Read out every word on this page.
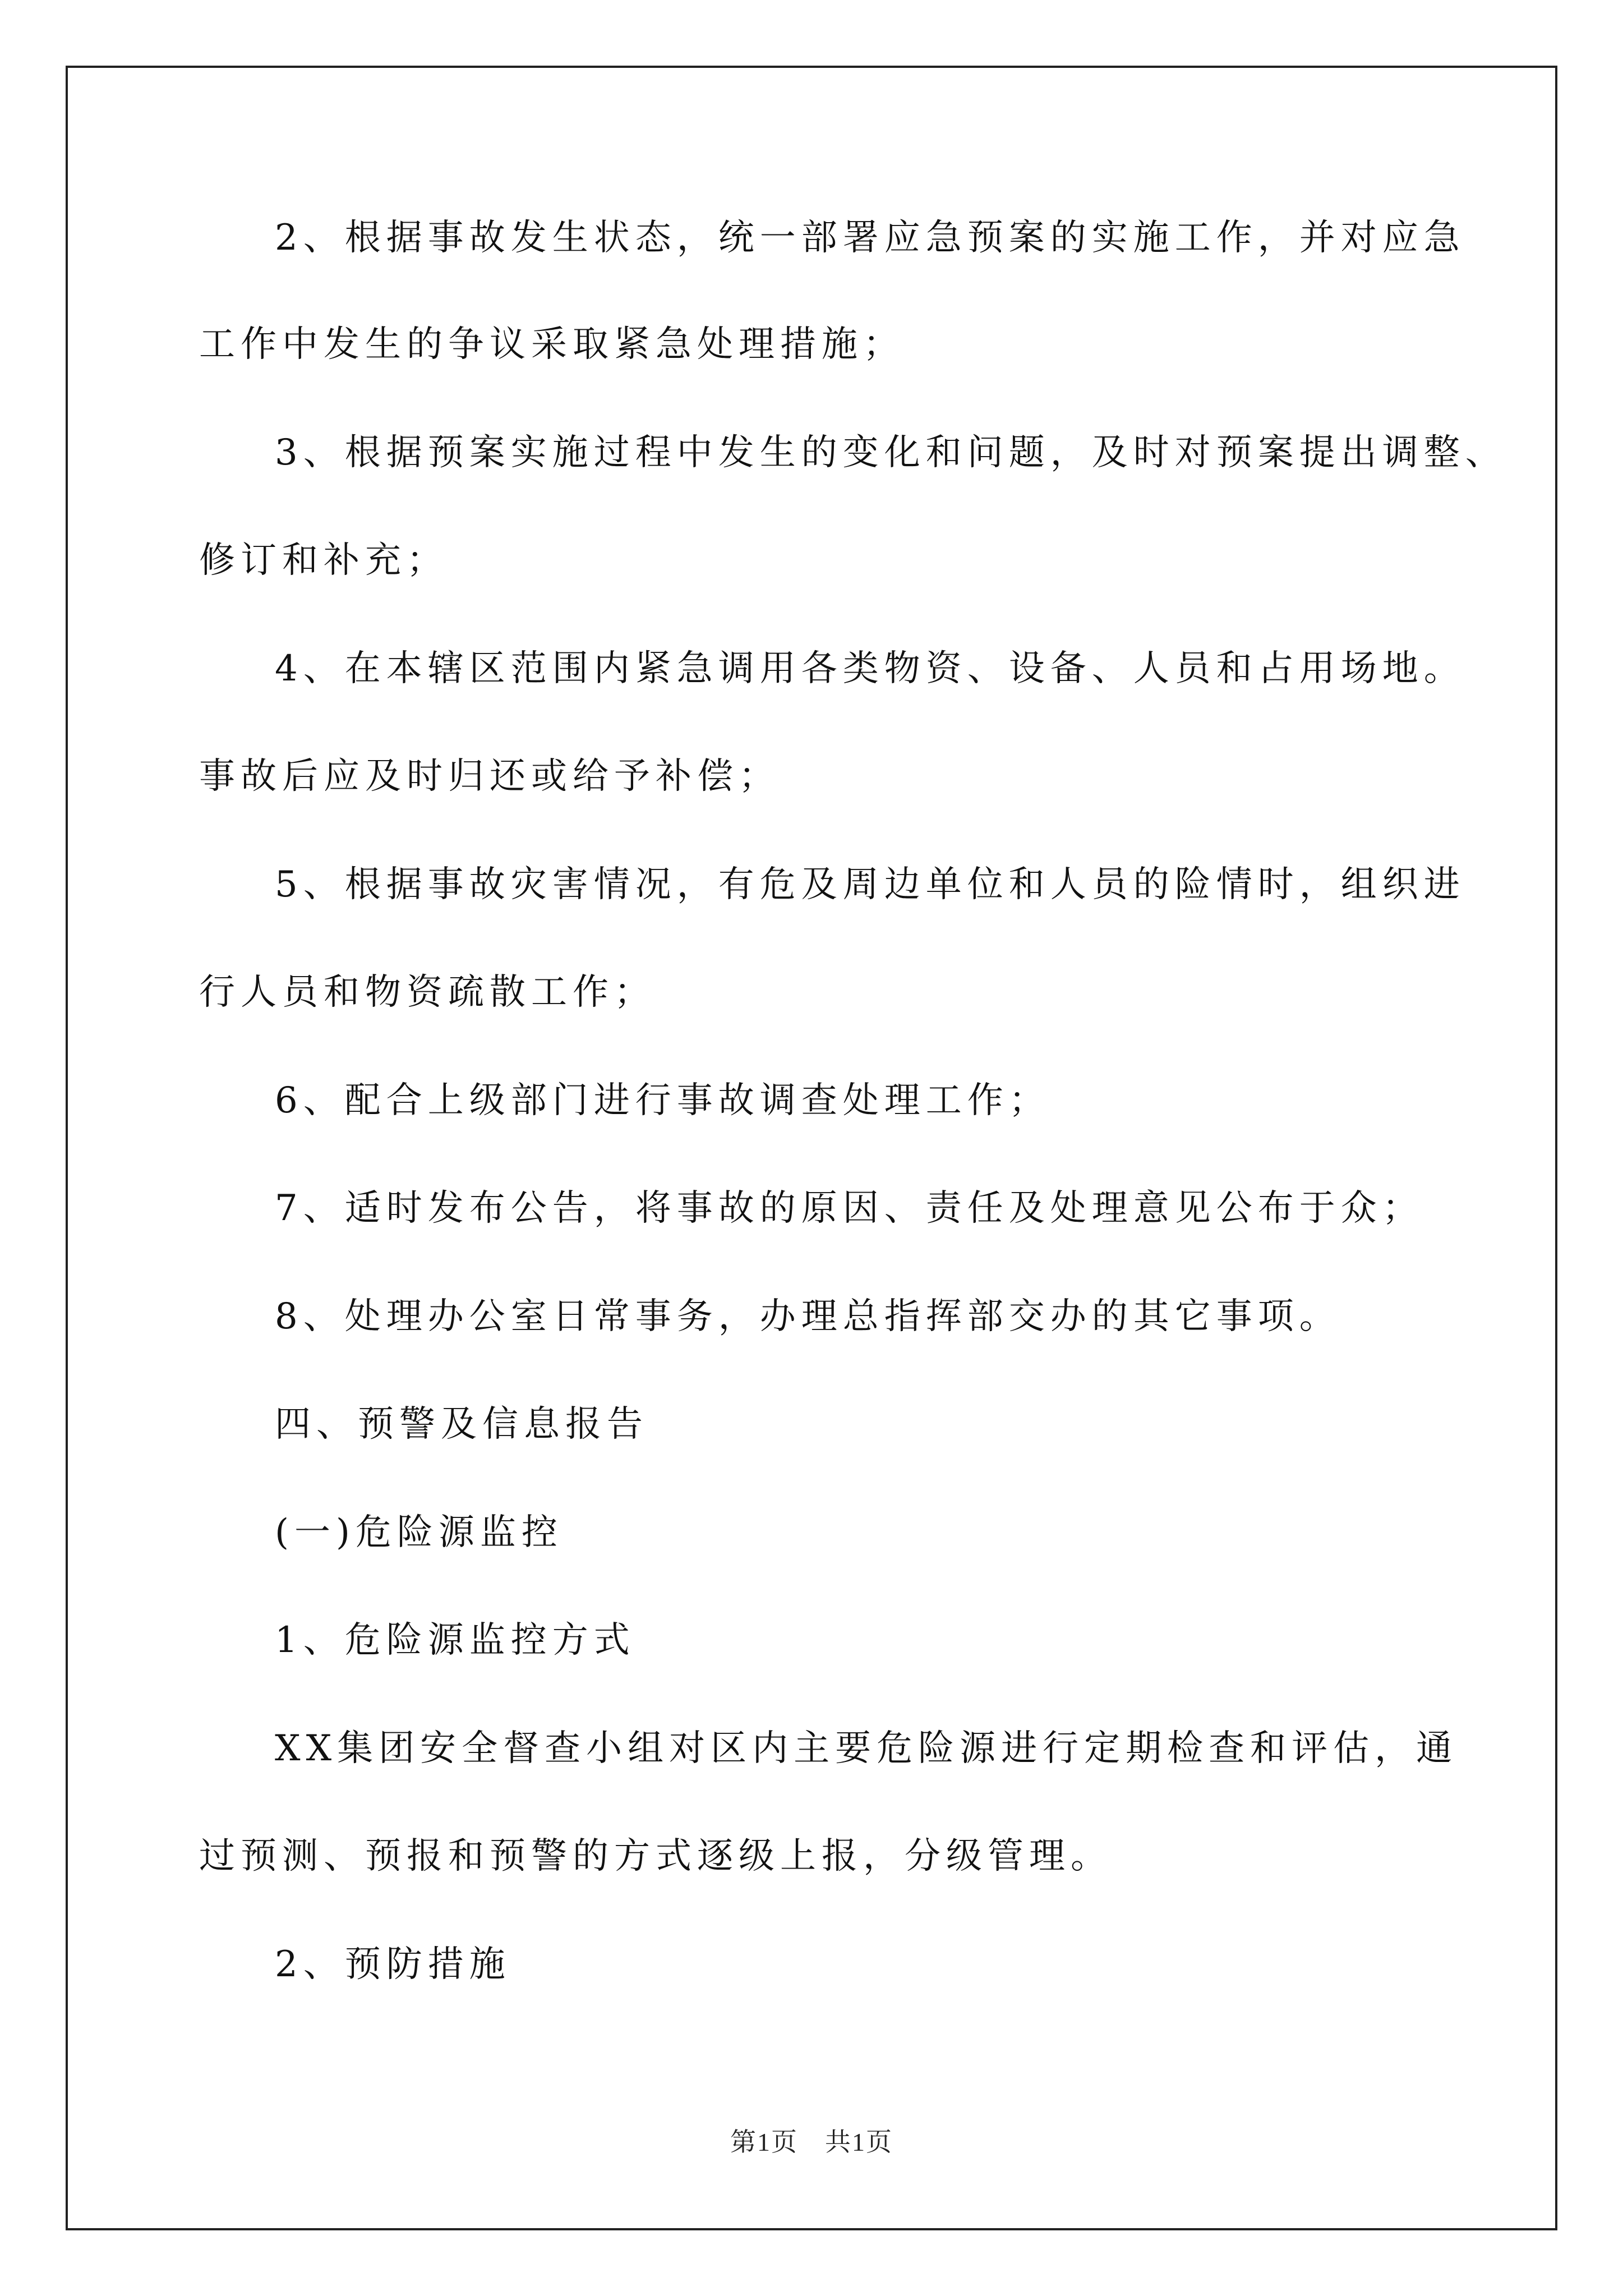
2、根据事故发生状态，统一部署应急预案的实施工作，并对应急
工作中发生的争议采取紧急处理措施；
3、根据预案实施过程中发生的变化和问题，及时对预案提出调整、
修订和补充；
4、在本辖区范围内紧急调用各类物资、设备、人员和占用场地。
事故后应及时归还或给予补偿；
5、根据事故灾害情况，有危及周边单位和人员的险情时，组织进
行人员和物资疏散工作；
6、配合上级部门进行事故调查处理工作；
7、适时发布公告，将事故的原因、责任及处理意见公布于众；
8、处理办公室日常事务，办理总指挥部交办的其它事项。
四、预警及信息报告
(一)危险源监控
1、危险源监控方式
XX集团安全督查小组对区内主要危险源进行定期检查和评估，通
过预测、预报和预警的方式逐级上报，分级管理。
2、预防措施
第1页　共1页
